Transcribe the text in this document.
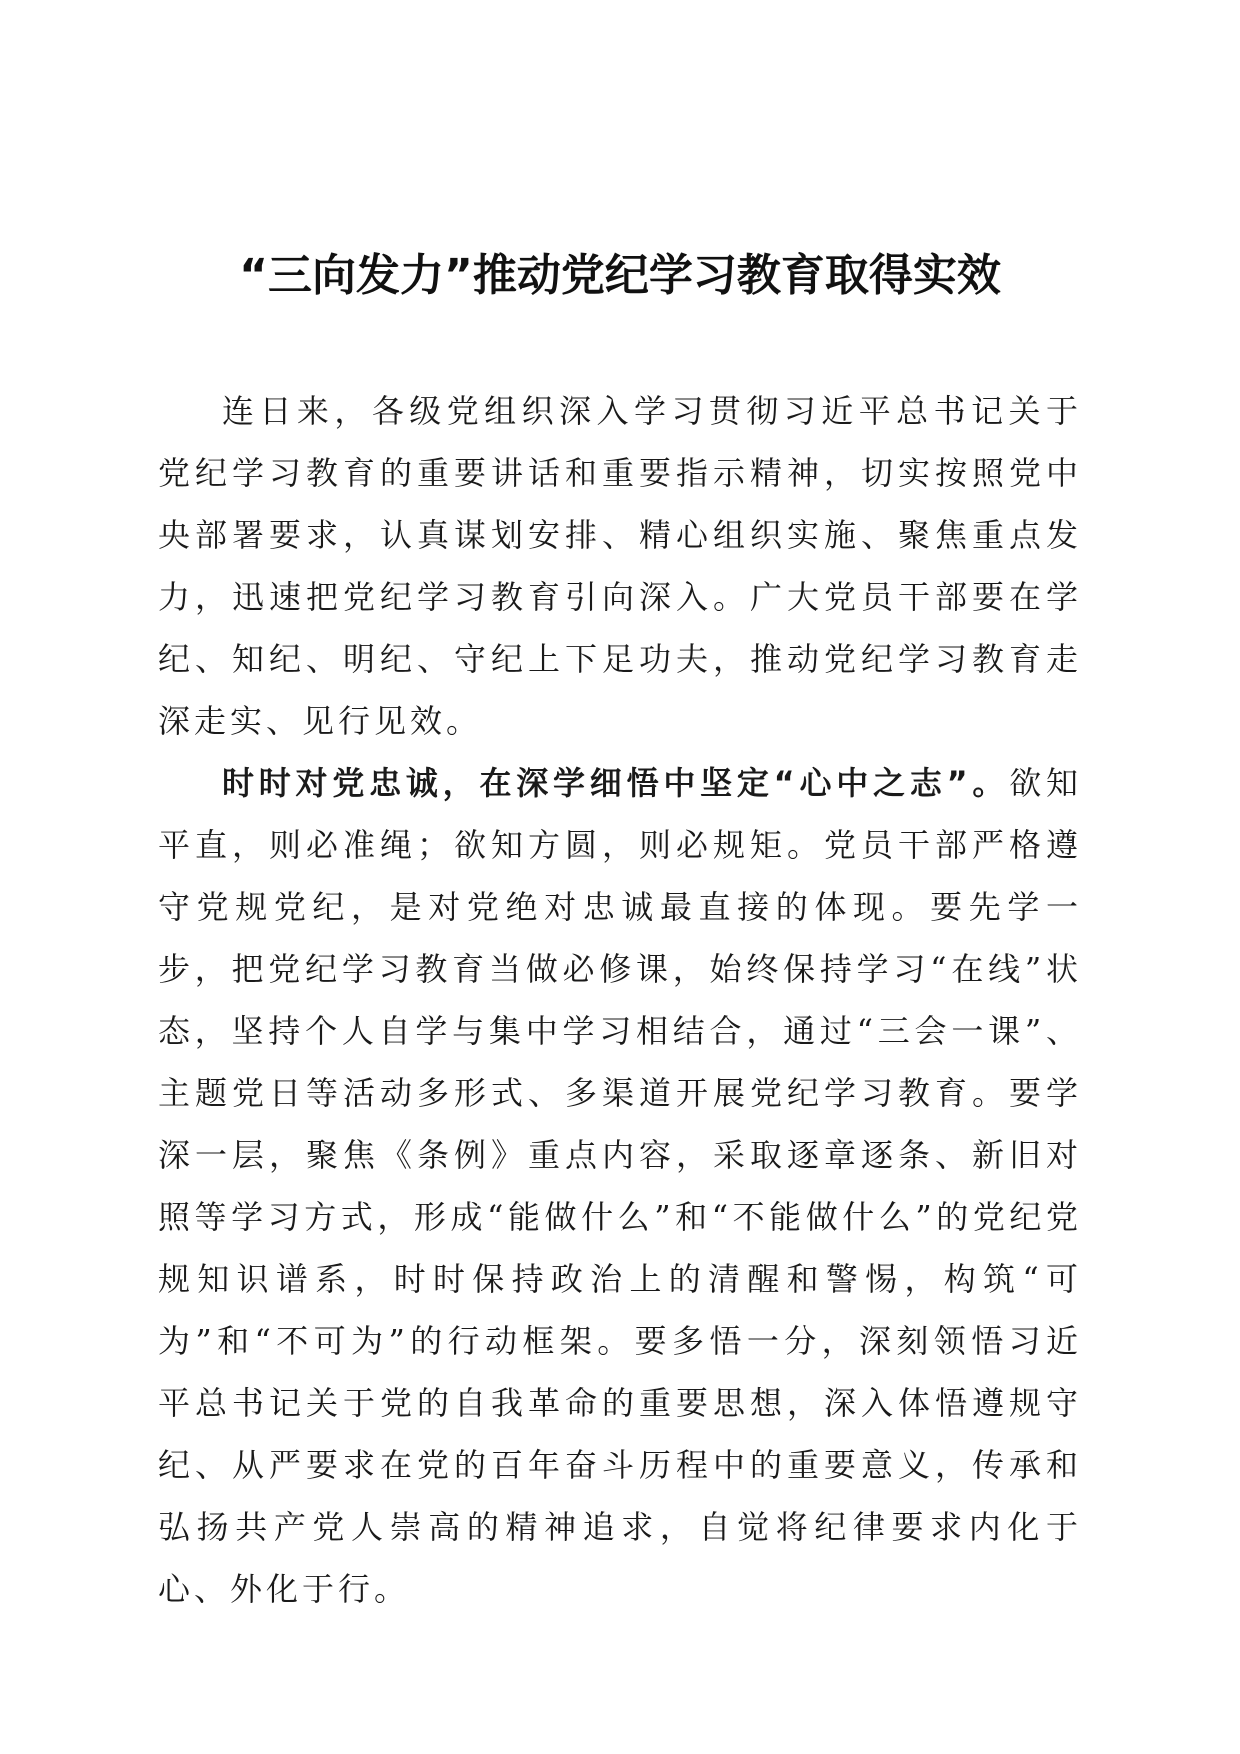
“三向发力”推动党纪学习教育取得实效

连日来，各级党组织深入学习贯彻习近平总书记关于党纪学习教育的重要讲话和重要指示精神，切实按照党中央部署要求，认真谋划安排、精心组织实施、聚焦重点发力，迅速把党纪学习教育引向深入。广大党员干部要在学纪、知纪、明纪、守纪上下足功夫，推动党纪学习教育走深走实、见行见效。

时时对党忠诚，在深学细悟中坚定“心中之志”。欲知平直，则必准绳；欲知方圆，则必规矩。党员干部严格遵守党规党纪，是对党绝对忠诚最直接的体现。要先学一步，把党纪学习教育当做必修课，始终保持学习“在线”状态，坚持个人自学与集中学习相结合，通过“三会一课”、主题党日等活动多形式、多渠道开展党纪学习教育。要学深一层，聚焦《条例》重点内容，采取逐章逐条、新旧对照等学习方式，形成“能做什么”和“不能做什么”的党纪党规知识谱系，时时保持政治上的清醒和警惕，构筑“可为”和“不可为”的行动框架。要多悟一分，深刻领悟习近平总书记关于党的自我革命的重要思想，深入体悟遵规守纪、从严要求在党的百年奋斗历程中的重要意义，传承和弘扬共产党人崇高的精神追求，自觉将纪律要求内化于心、外化于行。
